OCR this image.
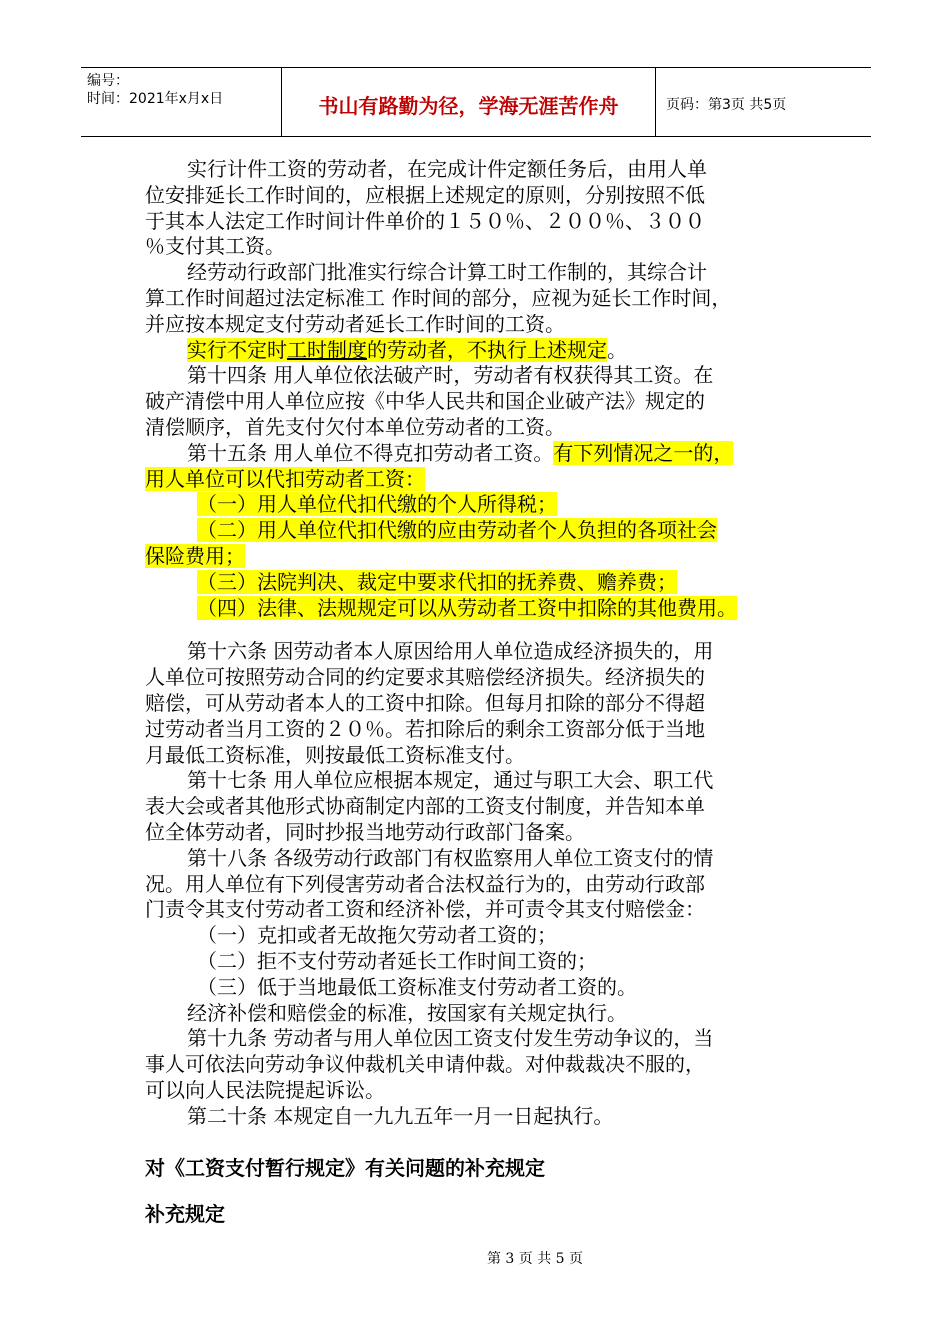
编号：
时间：2021年x月x日	书山有路勤为径，学海无涯苦作舟	页码：第3页 共5页

实行计件工资的劳动者，在完成计件定额任务后，由用人单

位安排延长工作时间的，应根据上述规定的原则，分别按照不低

于其本人法定工作时间计件单价的１５０％、２００％、３００

％支付其工资。

经劳动行政部门批准实行综合计算工时工作制的，其综合计

算工作时间超过法定标准工 作时间的部分，应视为延长工作时间，

并应按本规定支付劳动者延长工作时间的工资。

实行不定时工时制度的劳动者，不执行上述规定。

第十四条 用人单位依法破产时，劳动者有权获得其工资。在

破产清偿中用人单位应按《中华人民共和国企业破产法》规定的

清偿顺序，首先支付欠付本单位劳动者的工资。

第十五条 用人单位不得克扣劳动者工资。有下列情况之一的，

用人单位可以代扣劳动者工资：

（一）用人单位代扣代缴的个人所得税；

（二）用人单位代扣代缴的应由劳动者个人负担的各项社会

保险费用；

（三）法院判决、裁定中要求代扣的抚养费、赡养费；

（四）法律、法规规定可以从劳动者工资中扣除的其他费用。

第十六条 因劳动者本人原因给用人单位造成经济损失的，用

人单位可按照劳动合同的约定要求其赔偿经济损失。经济损失的

赔偿，可从劳动者本人的工资中扣除。但每月扣除的部分不得超

过劳动者当月工资的２０％。若扣除后的剩余工资部分低于当地

月最低工资标准，则按最低工资标准支付。

第十七条 用人单位应根据本规定，通过与职工大会、职工代

表大会或者其他形式协商制定内部的工资支付制度，并告知本单

位全体劳动者，同时抄报当地劳动行政部门备案。

第十八条 各级劳动行政部门有权监察用人单位工资支付的情

况。用人单位有下列侵害劳动者合法权益行为的，由劳动行政部

门责令其支付劳动者工资和经济补偿，并可责令其支付赔偿金：

（一）克扣或者无故拖欠劳动者工资的；

（二）拒不支付劳动者延长工作时间工资的；

（三）低于当地最低工资标准支付劳动者工资的。

经济补偿和赔偿金的标准，按国家有关规定执行。

第十九条 劳动者与用人单位因工资支付发生劳动争议的，当

事人可依法向劳动争议仲裁机关申请仲裁。对仲裁裁决不服的，

可以向人民法院提起诉讼。

第二十条 本规定自一九九五年一月一日起执行。

对《工资支付暂行规定》有关问题的补充规定
补充规定
第 3 页 共 5 页
